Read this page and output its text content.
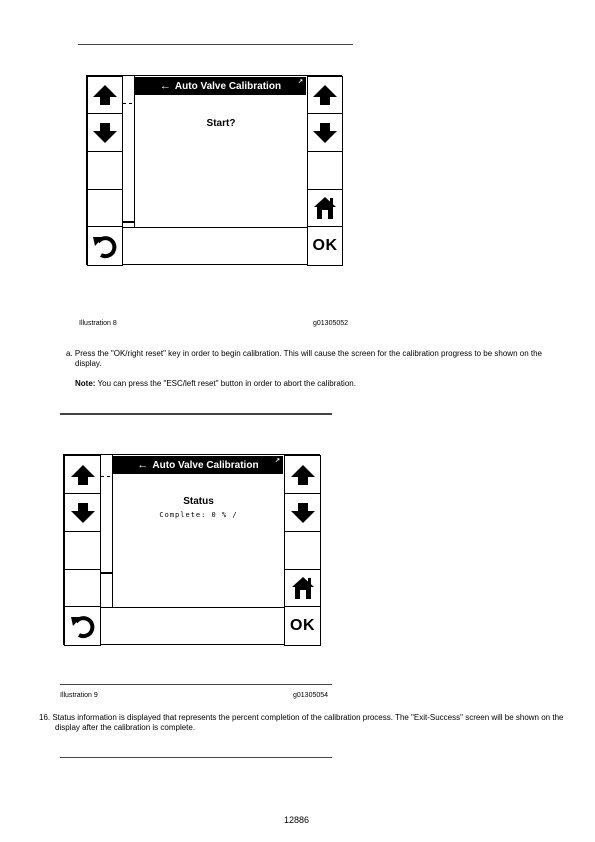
OK
← Auto Valve Calibration	↗
Start?
Illustration 8	g01305052
a. Press the "OK/right reset" key in order to begin calibration. This will cause the screen for the calibration progress to be shown on the display.
Note: You can press the "ESC/left reset" button in order to abort the calibration.
OK
← Auto Valve Calibration	↗
Status
Complete: 0 % /
Illustration 9	g01305054
16. Status information is displayed that represents the percent completion of the calibration process. The "Exit-Success" screen will be shown on the display after the calibration is complete.
12886
